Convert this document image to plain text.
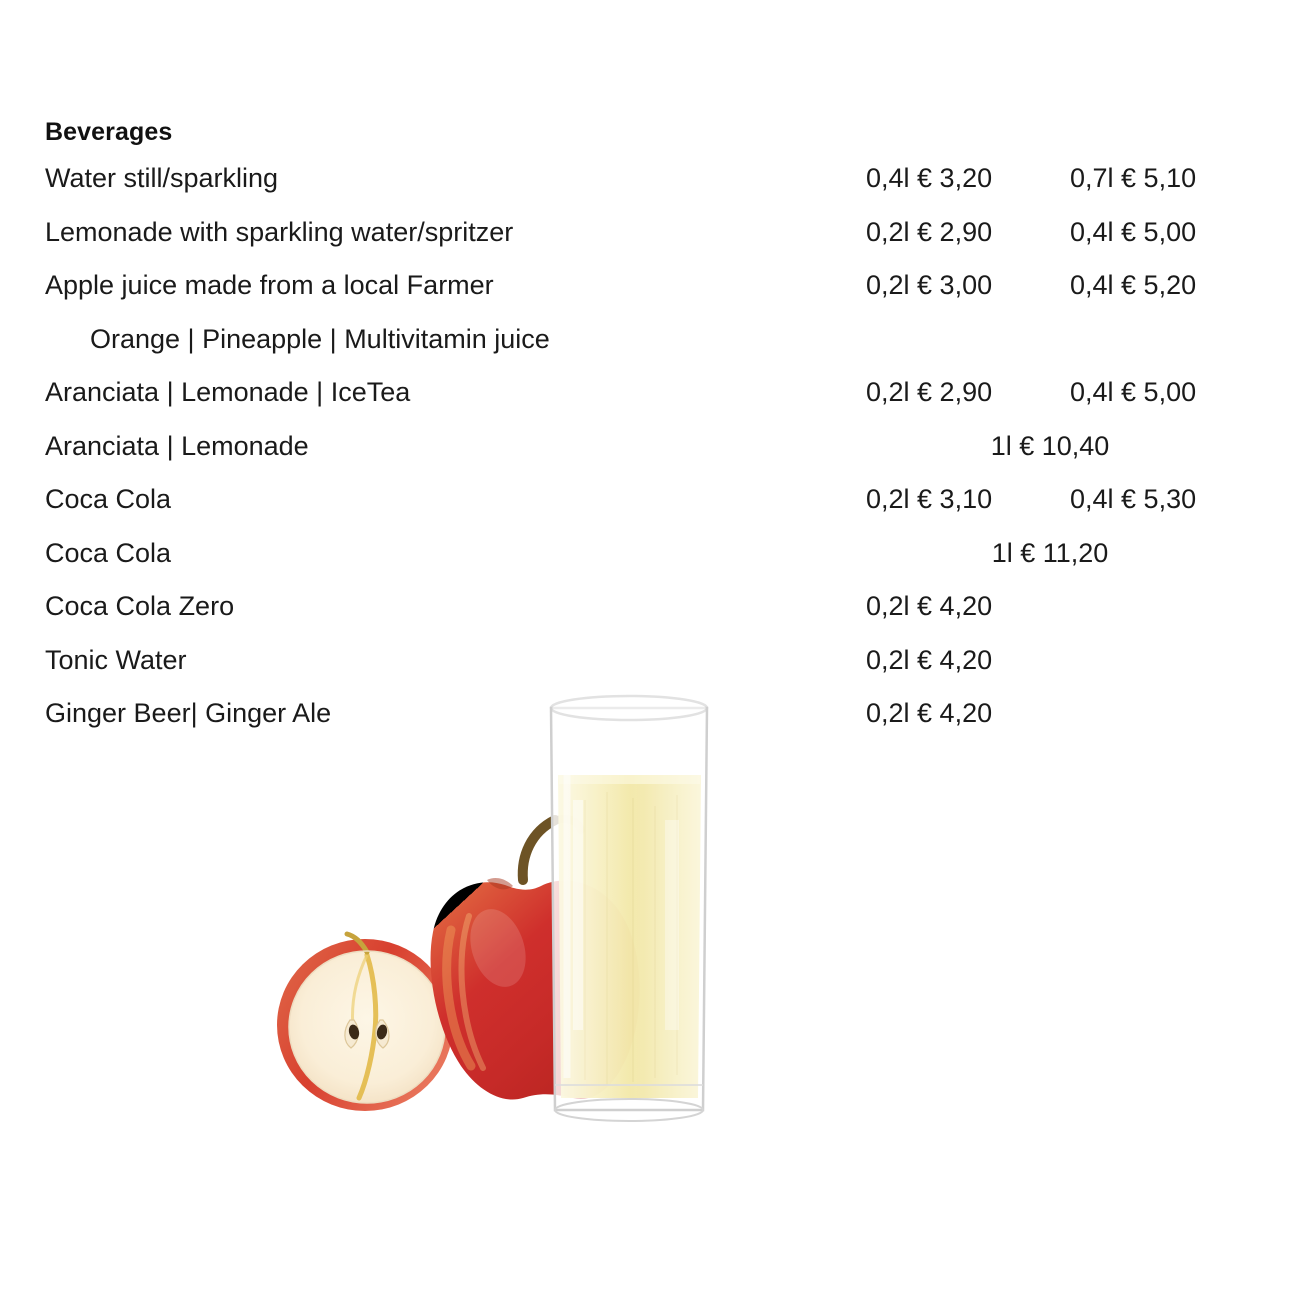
Beverages
Water still/sparkling	0,4l € 3,20	0,7l € 5,10
Lemonade with sparkling water/spritzer	0,2l € 2,90	0,4l € 5,00
Apple juice made from a local Farmer	0,2l € 3,00	0,4l € 5,20
Orange | Pineapple | Multivitamin juice
Aranciata | Lemonade | IceTea	0,2l € 2,90	0,4l € 5,00
Aranciata | Lemonade	1l € 10,40
Coca Cola	0,2l € 3,10	0,4l € 5,30
Coca Cola	1l € 11,20
Coca Cola Zero	0,2l € 4,20
Tonic Water	0,2l € 4,20
Ginger Beer| Ginger Ale	0,2l € 4,20
